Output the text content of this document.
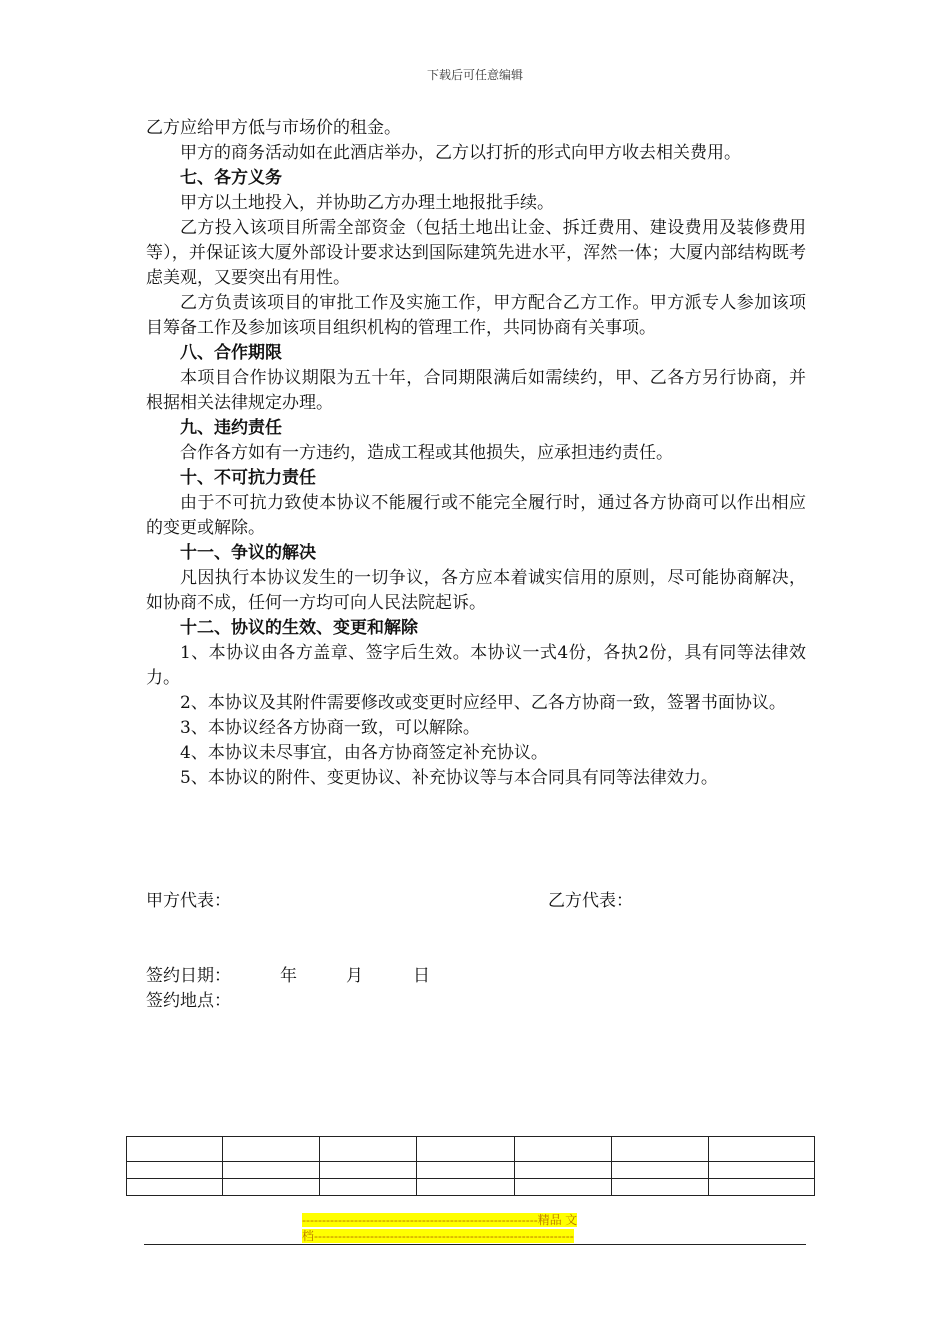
下载后可任意编辑

乙方应给甲方低与市场价的租金。

甲方的商务活动如在此酒店举办，乙方以打折的形式向甲方收去相关费用。

七、各方义务

甲方以土地投入，并协助乙方办理土地报批手续。

乙方投入该项目所需全部资金（包括土地出让金、拆迁费用、建设费用及装修费用等），并保证该大厦外部设计要求达到国际建筑先进水平，浑然一体；大厦内部结构既考虑美观，又要突出有用性。

乙方负责该项目的审批工作及实施工作，甲方配合乙方工作。甲方派专人参加该项目筹备工作及参加该项目组织机构的管理工作，共同协商有关事项。

八、合作期限

本项目合作协议期限为五十年，合同期限满后如需续约，甲、乙各方另行协商，并根据相关法律规定办理。

九、违约责任

合作各方如有一方违约，造成工程或其他损失，应承担违约责任。

十、不可抗力责任

由于不可抗力致使本协议不能履行或不能完全履行时，通过各方协商可以作出相应的变更或解除。

十一、争议的解决

凡因执行本协议发生的一切争议，各方应本着诚实信用的原则，尽可能协商解决，如协商不成，任何一方均可向人民法院起诉。

十二、协议的生效、变更和解除

1、本协议由各方盖章、签字后生效。本协议一式4份，各执2份，具有同等法律效力。

2、本协议及其附件需要修改或变更时应经甲、乙各方协商一致，签署书面协议。

3、本协议经各方协商一致，可以解除。

4、本协议未尽事宜，由各方协商签定补充协议。

5、本协议的附件、变更协议、补充协议等与本合同具有同等法律效力。

甲方代表：	乙方代表：
签约日期：	年	月	日
签约地点：

-----------------------------------------------------------精品 文
档-----------------------------------------------------------------
